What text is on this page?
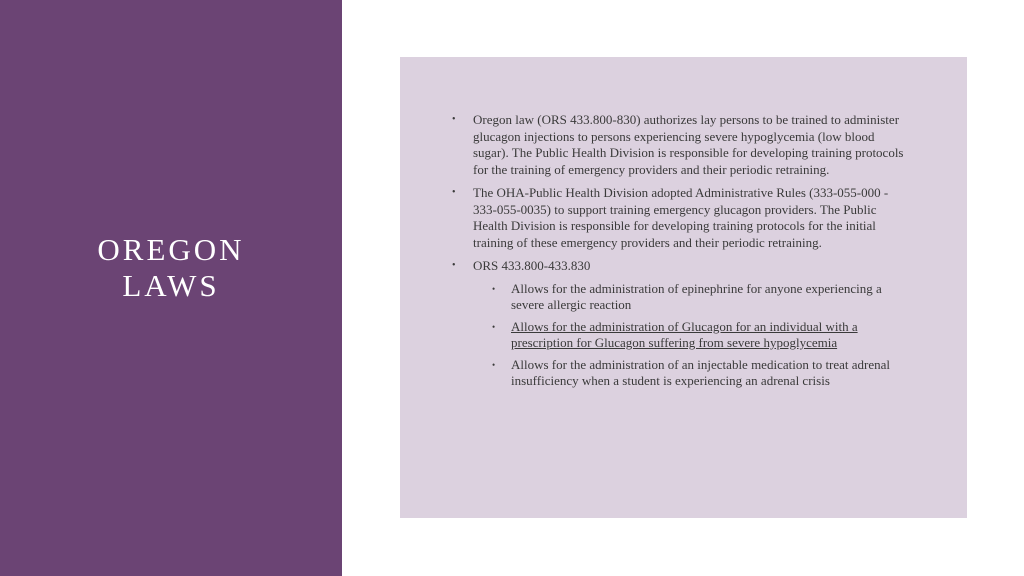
OREGON
LAWS
• Oregon law (ORS 433.800-830) authorizes lay persons to be trained to administer glucagon injections to persons experiencing severe hypoglycemia (low blood sugar). The Public Health Division is responsible for developing training protocols for the training of emergency providers and their periodic retraining.
• The OHA-Public Health Division adopted Administrative Rules (333-055-000 - 333-055-0035) to support training emergency glucagon providers. The Public Health Division is responsible for developing training protocols for the initial training of these emergency providers and their periodic retraining.
• ORS 433.800-433.830
• Allows for the administration of epinephrine for anyone experiencing a severe allergic reaction
• Allows for the administration of Glucagon for an individual with a prescription for Glucagon suffering from severe hypoglycemia
• Allows for the administration of an injectable medication to treat adrenal insufficiency when a student is experiencing an adrenal crisis
